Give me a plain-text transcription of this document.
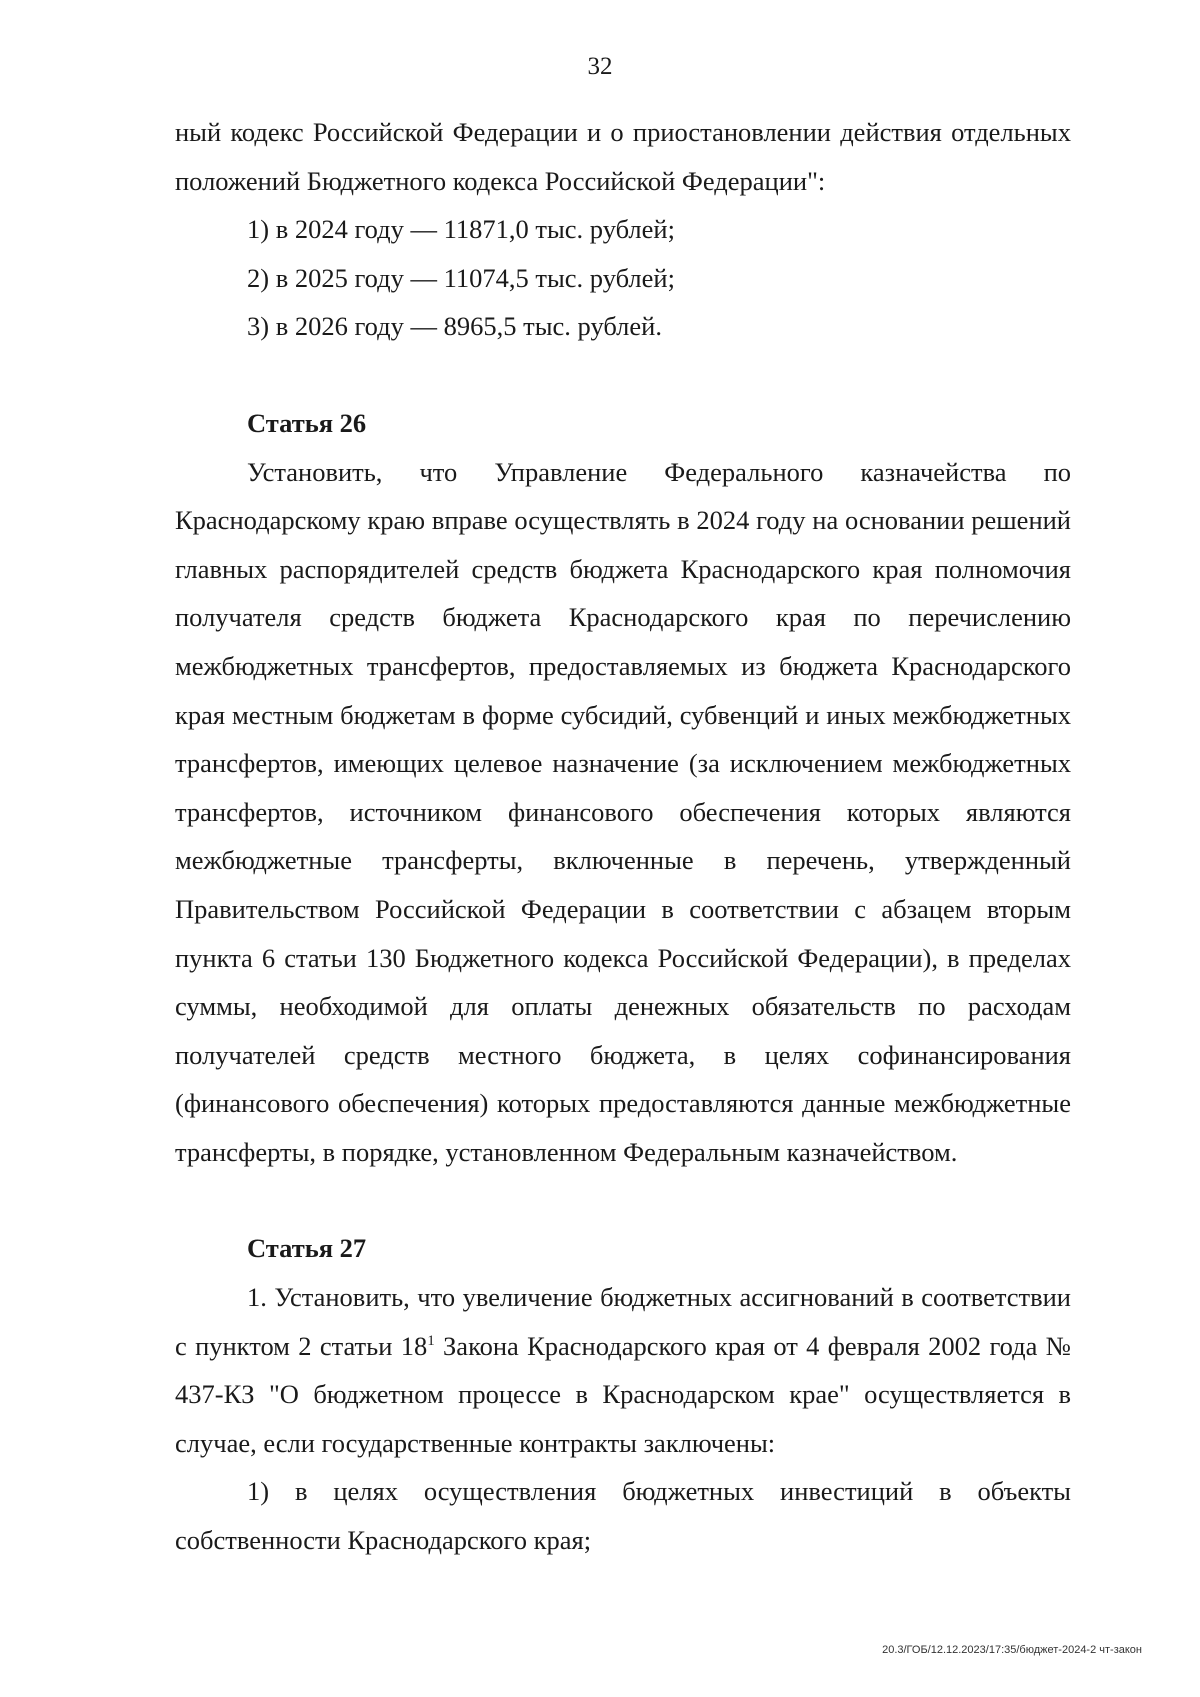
32

ный кодекс Российской Федерации и о приостановлении действия отдельных положений Бюджетного кодекса Российской Федерации":

1) в 2024 году — 11871,0 тыс. рублей;

2) в 2025 году — 11074,5 тыс. рублей;

3) в 2026 году — 8965,5 тыс. рублей.

Статья 26

Установить, что Управление Федерального казначейства по Краснодарскому краю вправе осуществлять в 2024 году на основании решений главных распорядителей средств бюджета Краснодарского края полномочия получателя средств бюджета Краснодарского края по перечислению межбюджетных трансфертов, предоставляемых из бюджета Краснодарского края местным бюджетам в форме субсидий, субвенций и иных межбюджетных трансфертов, имеющих целевое назначение (за исключением межбюджетных трансфертов, источником финансового обеспечения которых являются межбюджетные трансферты, включенные в перечень, утвержденный Правительством Российской Федерации в соответствии с абзацем вторым пункта 6 статьи 130 Бюджетного кодекса Российской Федерации), в пределах суммы, необходимой для оплаты денежных обязательств по расходам получателей средств местного бюджета, в целях софинансирования (финансового обеспечения) которых предоставляются данные межбюджетные трансферты, в порядке, установленном Федеральным казначейством.

Статья 27

1. Установить, что увеличение бюджетных ассигнований в соответствии с пунктом 2 статьи $18^1$ Закона Краснодарского края от 4 февраля 2002 года № 437-КЗ "О бюджетном процессе в Краснодарском крае" осуществляется в случае, если государственные контракты заключены:

1) в целях осуществления бюджетных инвестиций в объекты собственности Краснодарского края;

20.3/ГОБ/12.12.2023/17:35/бюджет-2024-2 чт-закон
